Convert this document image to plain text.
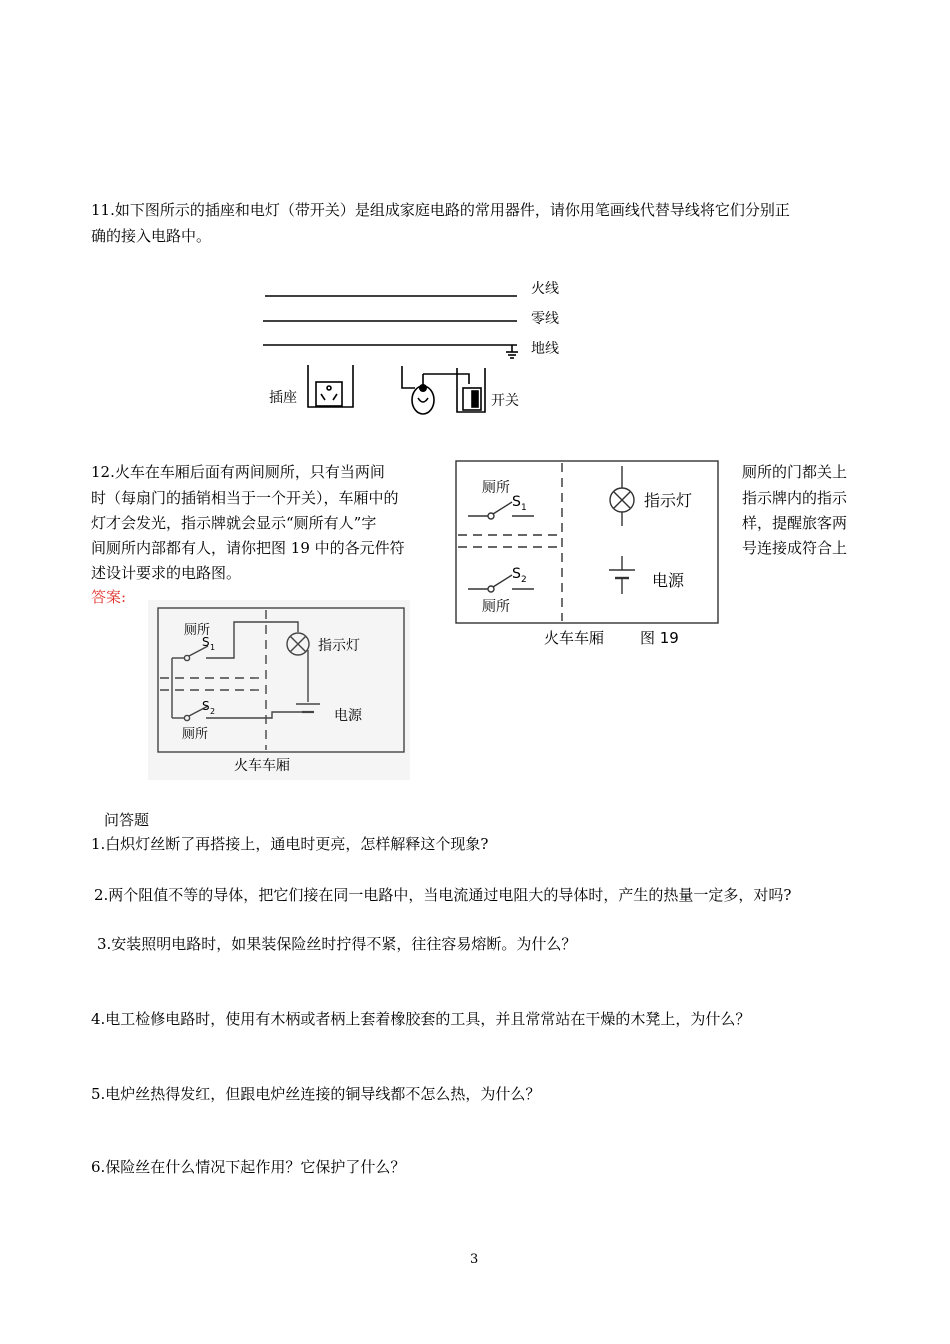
11.如下图所示的插座和电灯（带开关）是组成家庭电路的常用器件，请你用笔画线代替导线将它们分别正
确的接入电路中。
火线
零线
地线
插座	开关
12.火车在车厢后面有两间厕所，只有当两间
时（每扇门的插销相当于一个开关），车厢中的
灯才会发光，指示牌就会显示“厕所有人”字
间厕所内部都有人，请你把图 19 中的各元件符
述设计要求的电路图。
厕所的门都关上
指示牌内的指示
样，提醒旅客两
号连接成符合上
厕所
S 1
S 2
厕所
指示灯
电源
火车车厢 图 19
答案:
厕所
S 1
S 2
厕所
指示灯
电源
火车车厢
问答题
1.白炽灯丝断了再搭接上，通电时更亮，怎样解释这个现象?
2.两个阻值不等的导体，把它们接在同一电路中，当电流通过电阻大的导体时，产生的热量一定多，对吗?
3.安装照明电路时，如果装保险丝时拧得不紧，往往容易熔断。为什么？
4.电工检修电路时，使用有木柄或者柄上套着橡胶套的工具，并且常常站在干燥的木凳上，为什么？
5.电炉丝热得发红，但跟电炉丝连接的铜导线都不怎么热，为什么？
6.保险丝在什么情况下起作用？它保护了什么？
3
